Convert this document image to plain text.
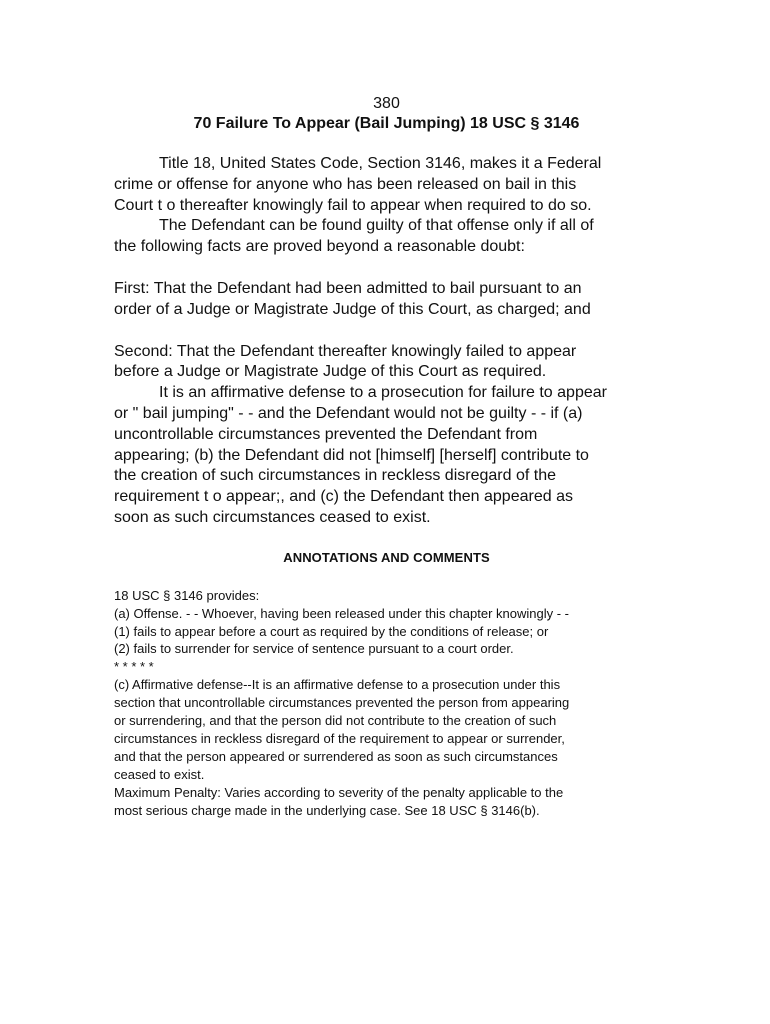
380

70 Failure To Appear (Bail Jumping) 18 USC § 3146

Title 18, United States Code, Section 3146, makes it a Federal
crime or offense for anyone who has been released on bail in this
Court t o thereafter knowingly fail to appear when required to do so.

The Defendant can be found guilty of that offense only if all of
the following facts are proved beyond a reasonable doubt:

First: That the Defendant had been admitted to bail pursuant to an
order of a Judge or Magistrate Judge of this Court, as charged; and

Second: That the Defendant thereafter knowingly failed to appear
before a Judge or Magistrate Judge of this Court as required.

It is an affirmative defense to a prosecution for failure to appear
or " bail jumping" - - and the Defendant would not be guilty - - if (a)
uncontrollable circumstances prevented the Defendant from
appearing; (b) the Defendant did not [himself] [herself] contribute to
the creation of such circumstances in reckless disregard of the
requirement t o appear;, and (c) the Defendant then appeared as
soon as such circumstances ceased to exist.

ANNOTATIONS AND COMMENTS

18 USC § 3146 provides:

(a) Offense. - - Whoever, having been released under this chapter knowingly - -

(1) fails to appear before a court as required by the conditions of release; or

(2) fails to surrender for service of sentence pursuant to a court order.

* * * * *

(c) Affirmative defense--It is an affirmative defense to a prosecution under this
section that uncontrollable circumstances prevented the person from appearing
or surrendering, and that the person did not contribute to the creation of such
circumstances in reckless disregard of the requirement to appear or surrender,
and that the person appeared or surrendered as soon as such circumstances
ceased to exist.

Maximum Penalty: Varies according to severity of the penalty applicable to the
most serious charge made in the underlying case. See 18 USC § 3146(b).
